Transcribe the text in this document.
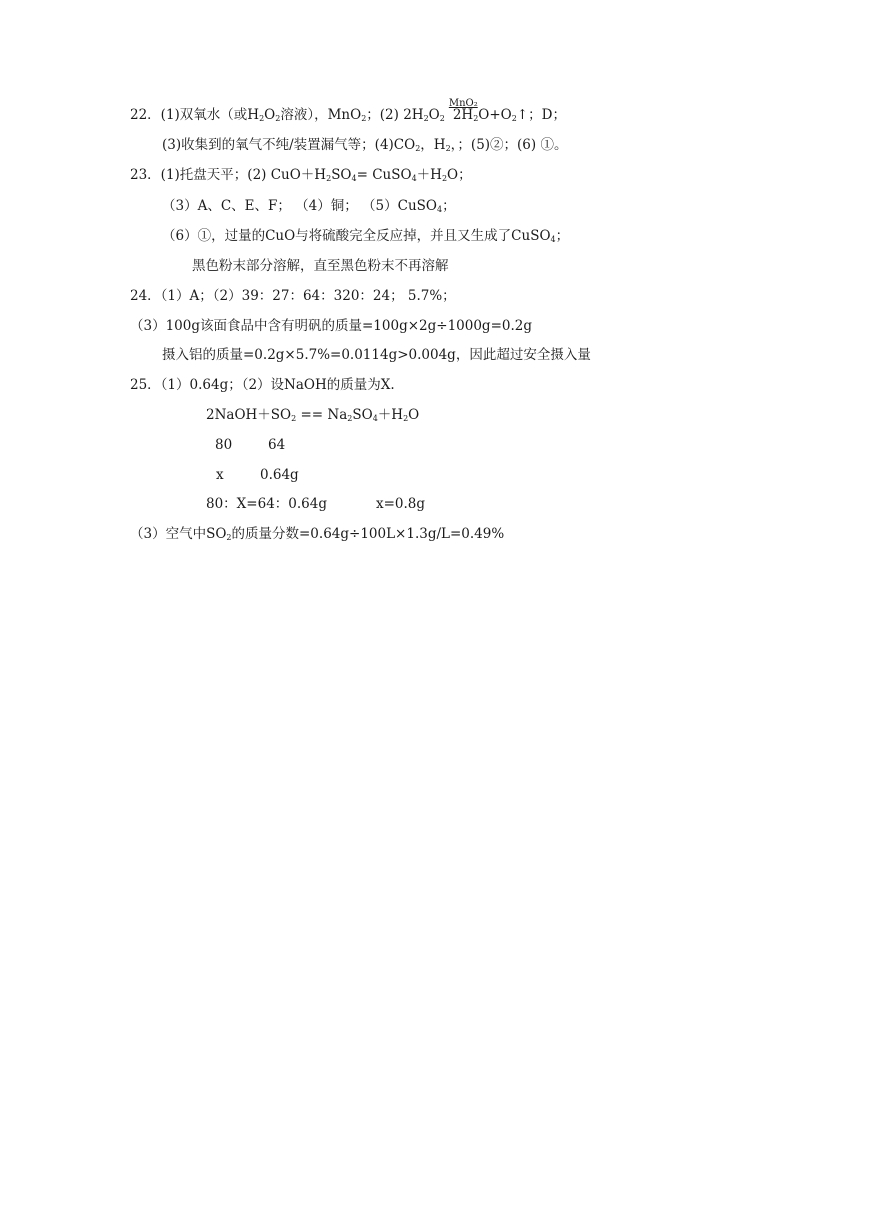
22．(1)双氧水（或$H_2O_2$溶液），MnO$_2$；(2) $2H_2O_2$
MnO₂
$2H_2O+O_2↑$；D；
(3)收集到的氧气不纯/装置漏气等；$(4)CO_2$，$H_2$，；(5)②；(6) ①。
23．(1)托盘天平；(2) $CuO+H_2SO_4=$ $CuSO_4+H_2O$；
（3）A、C、E、F； （4）铜； （5）CuSO$_4$；
（6）①，过量的CuO与将硫酸完全反应掉，并且又生成了CuSO$_4$；
黑色粉末部分溶解，直至黑色粉末不再溶解
24．（1）A；（2）39：27：64：320：24； 5.7%；
（3）100g该面食品中含有明矾的质量=100g×2g÷1000g=0.2g
摄入铝的质量=0.2g×5.7%=0.0114g>0.004g，因此超过安全摄入量
25．（1）0.64g；（2）设NaOH的质量为X.
$2NaOH+SO_2 == Na_2SO_4+H_2O$
80	64
x	0.64g
80：X=64：0.64g	x=0.8g
（3）空气中$SO_2$的质量分数=0.64g÷100L×1.3g/L=0.49%
